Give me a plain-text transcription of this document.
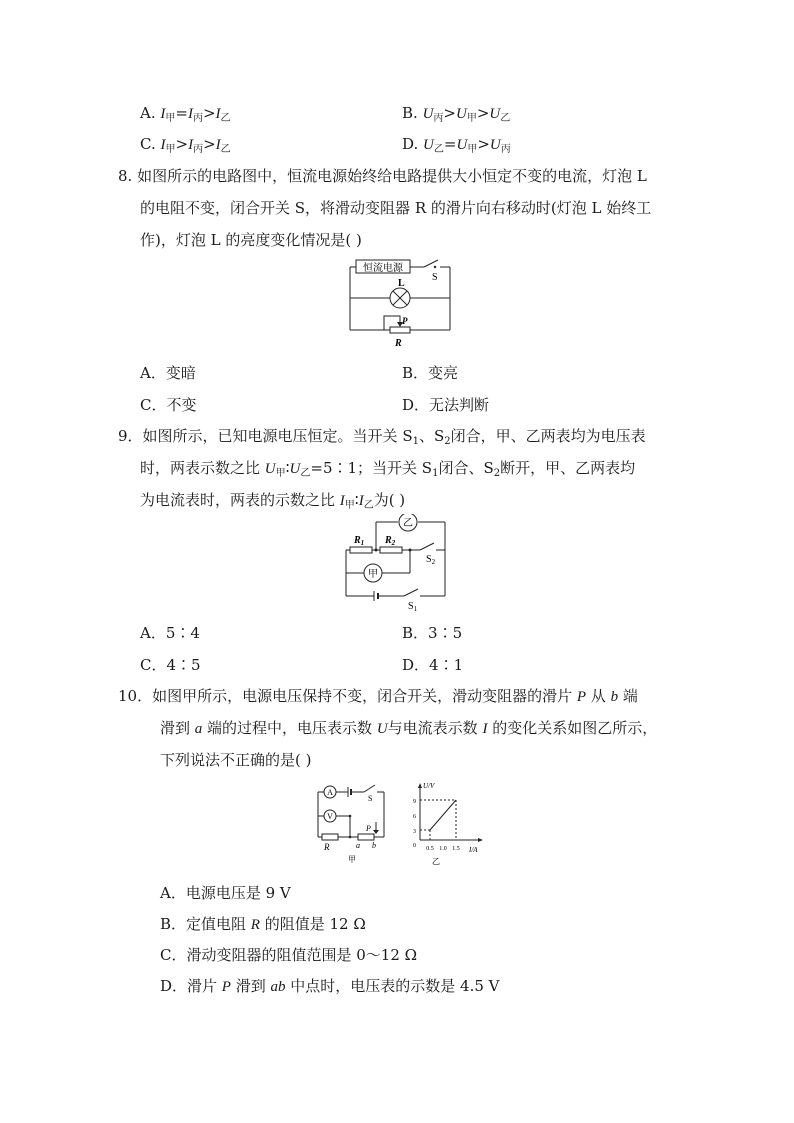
A. $I_甲=I_丙>I_乙$	B. $U_丙>U_甲>U_乙$
C. $I_甲>I_丙>I_乙$	D. $U_乙=U_甲>U_丙$
8. 如图所示的电路图中，恒流电源始终给电路提供大小恒定不变的电流，灯泡 L
的电阻不变，闭合开关 S，将滑动变阻器 R 的滑片向右移动时(灯泡 L 始终工
作)，灯泡 L 的亮度变化情况是( )
恒流电源
S
L
P
R
A．变暗	B．变亮
C．不变	D．无法判断
9．如图所示，已知电源电压恒定。当开关 $S_1$、$S_2$闭合，甲、乙两表均为电压表
时，两表示数之比 $U_甲∶U_乙=5∶1$；当开关 $S_1$闭合、$S_2$断开，甲、乙两表均
为电流表时，两表的示数之比 $I_甲∶I_乙$为( )
乙
甲
$R_1$ $R_2$
$S_2$
$S_1$
A．5∶4	B．3∶5
C．4∶5	D．4∶1
10．如图甲所示，电源电压保持不变，闭合开关，滑动变阻器的滑片 P 从 b 端
滑到 a 端的过程中，电压表示数 U与电流表示数 I 的变化关系如图乙所示，
下列说法不正确的是( )
A
V
S
R
P
a b
甲
U/V
I/A
9
6
3
0 0.5 1.0 1.5
乙
A．电源电压是 9 V
B．定值电阻 R 的阻值是 12 Ω
C．滑动变阻器的阻值范围是 0～12 Ω
D．滑片 P 滑到 ab 中点时，电压表的示数是 4.5 V
